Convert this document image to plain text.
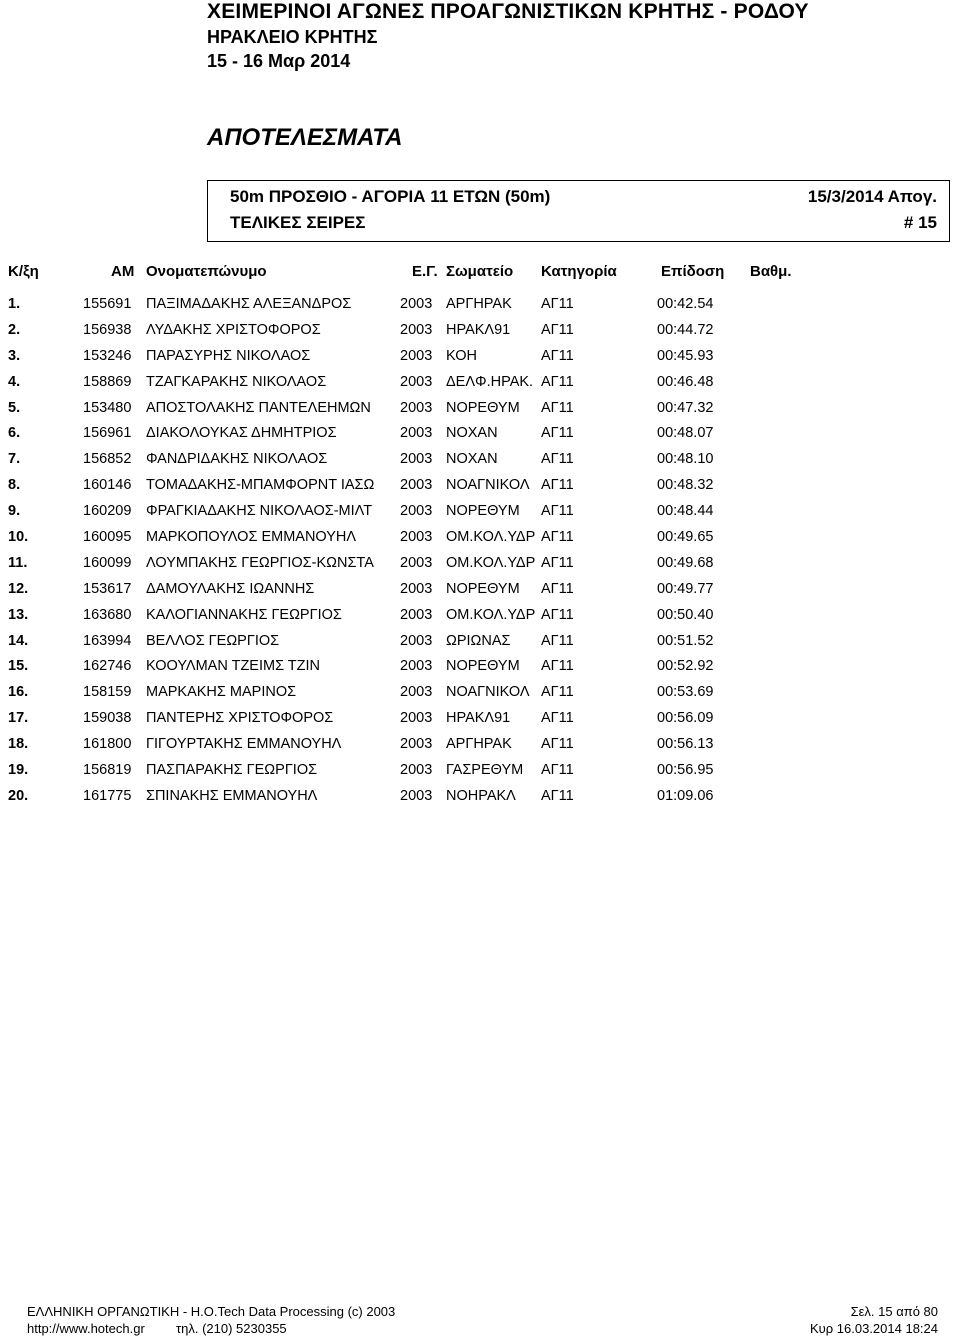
ΧΕΙΜΕΡΙΝΟΙ ΑΓΩΝΕΣ ΠΡΟΑΓΩΝΙΣΤΙΚΩΝ ΚΡΗΤΗΣ - ΡΟΔΟΥ
ΗΡΑΚΛΕΙΟ ΚΡΗΤΗΣ
15 - 16 Μαρ 2014
ΑΠΟΤΕΛΕΣΜΑΤΑ
50m ΠΡΟΣΘΙΟ - ΑΓΟΡΙΑ 11 ΕΤΩΝ (50m)
ΤΕΛΙΚΕΣ ΣΕΙΡΕΣ
15/3/2014 Απογ.
# 15
Κ/ξη	ΑΜ Ονοματεπώνυμο	Ε.Γ. Σωματείο Κατηγορία	Επίδοση Βαθμ.
1.	155691 ΠΑΞΙΜΑΔΑΚΗΣ ΑΛΕΞΑΝΔΡΟΣ	2003 ΑΡΓΗΡΑΚ ΑΓ11	00:42.54
2.	156938 ΛΥΔΑΚΗΣ ΧΡΙΣΤΟΦΟΡΟΣ	2003 ΗΡΑΚΛ91 ΑΓ11	00:44.72
3.	153246 ΠΑΡΑΣΥΡΗΣ ΝΙΚΟΛΑΟΣ	2003 ΚΟΗ	ΑΓ11	00:45.93
4.	158869 ΤΖΑΓΚΑΡΑΚΗΣ ΝΙΚΟΛΑΟΣ	2003 ΔΕΛΦ.ΗΡΑΚ. ΑΓ11	00:46.48
5.	153480 ΑΠΟΣΤΟΛΑΚΗΣ ΠΑΝΤΕΛΕΗΜΩΝ 2003 ΝΟΡΕΘΥΜ ΑΓ11	00:47.32
6.	156961 ΔΙΑΚΟΛΟΥΚΑΣ ΔΗΜΗΤΡΙΟΣ	2003 ΝΟΧΑΝ	ΑΓ11	00:48.07
7.	156852 ΦΑΝΔΡΙΔΑΚΗΣ ΝΙΚΟΛΑΟΣ	2003 ΝΟΧΑΝ	ΑΓ11	00:48.10
8.	160146 ΤΟΜΑΔΑΚΗΣ-ΜΠΑΜΦΟΡΝΤ ΙΑΣΩ 2003 ΝΟΑΓΝΙΚΟΛ ΑΓ11	00:48.32
9.	160209 ΦΡΑΓΚΙΑΔΑΚΗΣ ΝΙΚΟΛΑΟΣ-ΜΙΛΤ 2003 ΝΟΡΕΘΥΜ ΑΓ11	00:48.44
10.	160095 ΜΑΡΚΟΠΟΥΛΟΣ ΕΜΜΑΝΟΥΗΛ	2003 ΟΜ.ΚΟΛ.ΥΔΡ ΑΓ11	00:49.65
11.	160099 ΛΟΥΜΠΑΚΗΣ ΓΕΩΡΓΙΟΣ-ΚΩΝΣΤΑ 2003 ΟΜ.ΚΟΛ.ΥΔΡ ΑΓ11	00:49.68
12.	153617 ΔΑΜΟΥΛΑΚΗΣ ΙΩΑΝΝΗΣ	2003 ΝΟΡΕΘΥΜ ΑΓ11	00:49.77
13.	163680 ΚΑΛΟΓΙΑΝΝΑΚΗΣ ΓΕΩΡΓΙΟΣ	2003 ΟΜ.ΚΟΛ.ΥΔΡ ΑΓ11	00:50.40
14.	163994 ΒΕΛΛΟΣ ΓΕΩΡΓΙΟΣ	2003 ΩΡΙΩΝΑΣ ΑΓ11	00:51.52
15.	162746 ΚΟΟΥΛΜΑΝ ΤΖΕΙΜΣ ΤΖΙΝ	2003 ΝΟΡΕΘΥΜ ΑΓ11	00:52.92
16.	158159 ΜΑΡΚΑΚΗΣ ΜΑΡΙΝΟΣ	2003 ΝΟΑΓΝΙΚΟΛ ΑΓ11	00:53.69
17.	159038 ΠΑΝΤΕΡΗΣ ΧΡΙΣΤΟΦΟΡΟΣ	2003 ΗΡΑΚΛ91 ΑΓ11	00:56.09
18.	161800 ΓΙΓΟΥΡΤΑΚΗΣ ΕΜΜΑΝΟΥΗΛ	2003 ΑΡΓΗΡΑΚ ΑΓ11	00:56.13
19.	156819 ΠΑΣΠΑΡΑΚΗΣ ΓΕΩΡΓΙΟΣ	2003 ΓΑΣΡΕΘΥΜ ΑΓ11	00:56.95
20.	161775 ΣΠΙΝΑΚΗΣ ΕΜΜΑΝΟΥΗΛ	2003 ΝΟΗΡΑΚΛ ΑΓ11	01:09.06
ΕΛΛΗΝΙΚΗ ΟΡΓΑΝΩΤΙΚΗ - Η.Ο.Tech Data Processing (c) 2003	Σελ. 15 από 80
http://www.hotech.gr τηλ. (210) 5230355	Κυρ 16.03.2014 18:24
